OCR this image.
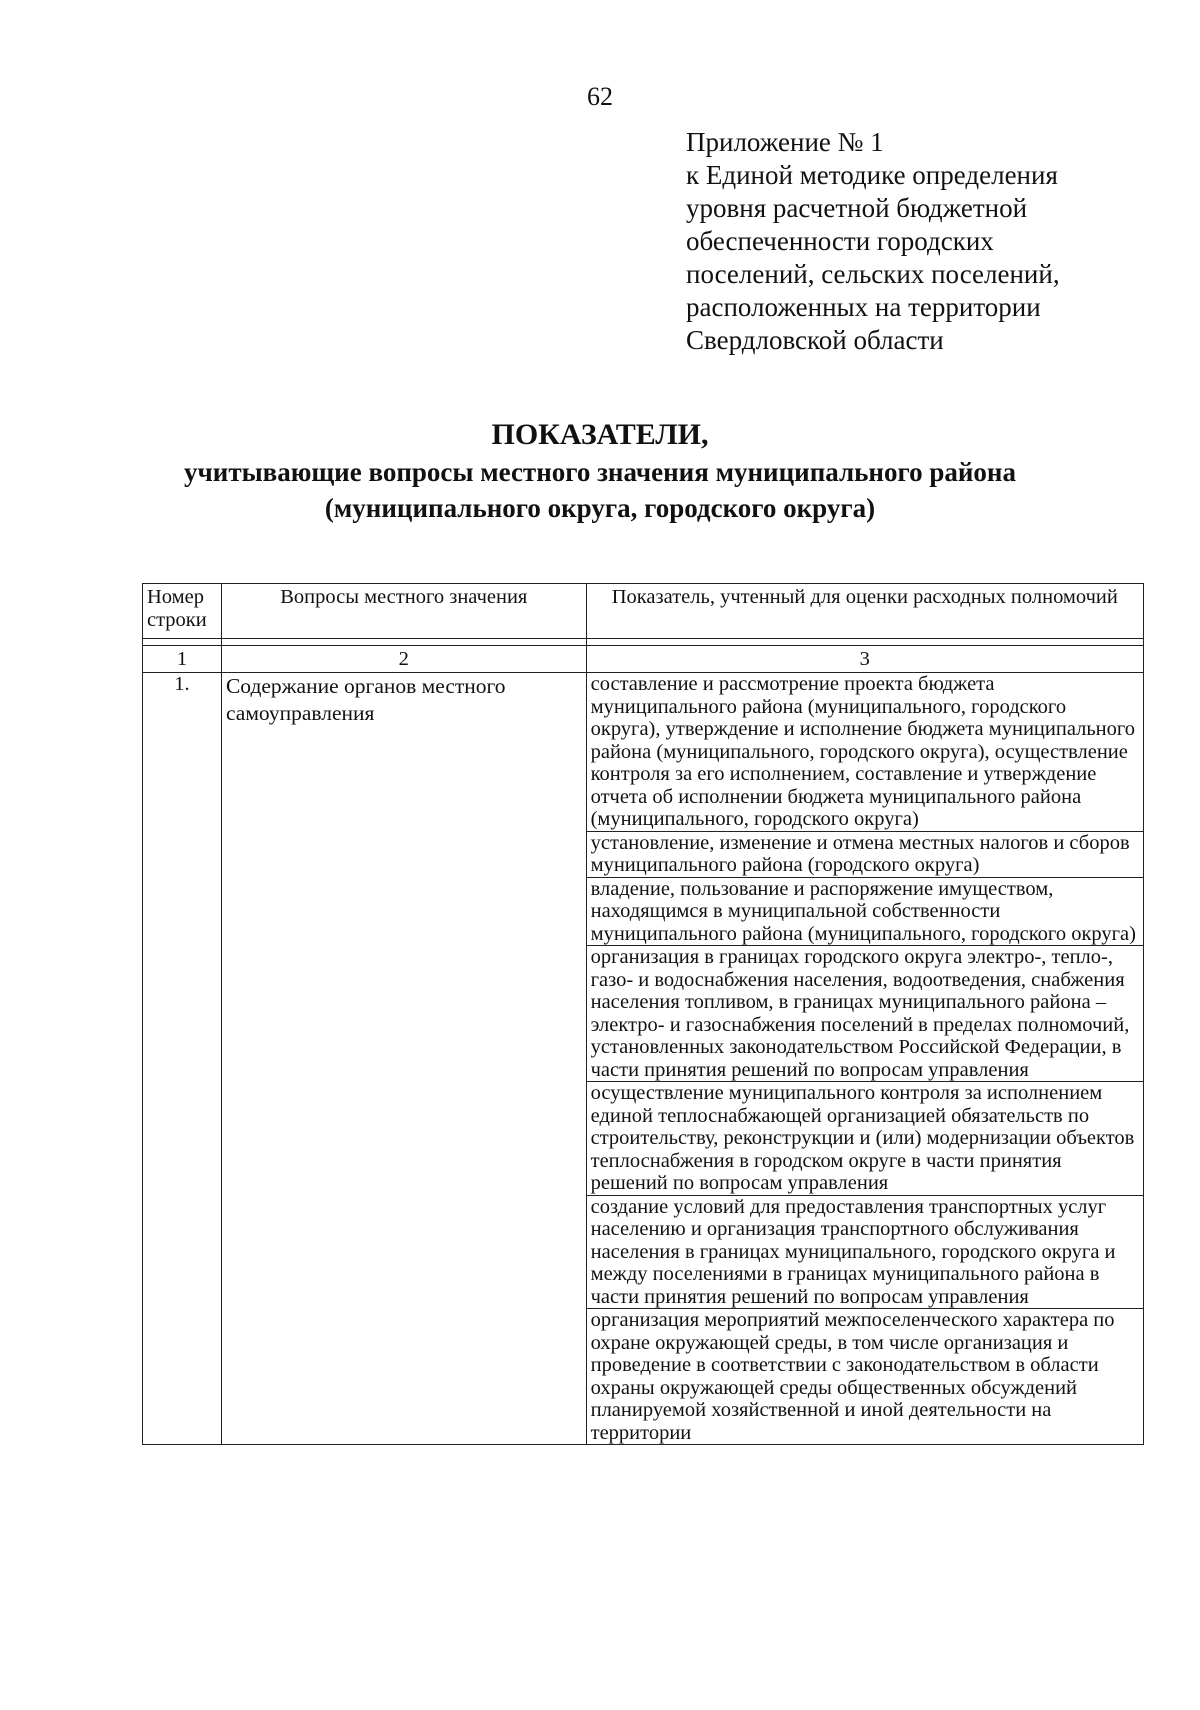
62
Приложение № 1
к Единой методике определения
уровня расчетной бюджетной
обеспеченности городских
поселений, сельских поселений,
расположенных на территории
Свердловской области
ПОКАЗАТЕЛИ,
учитывающие вопросы местного значения муниципального района
(муниципального округа, городского округа)
Номер строки	Вопросы местного значения	Показатель, учтенный для оценки расходных полномочий

1	2	3
1.	Содержание органов местного самоуправления	составление и рассмотрение проекта бюджета муниципального района (муниципального, городского округа), утверждение и исполнение бюджета муниципального района (муниципального, городского округа), осуществление контроля за его исполнением, составление и утверждение отчета об исполнении бюджета муниципального района (муниципального, городского округа)
		установление, изменение и отмена местных налогов и сборов муниципального района (городского округа)
		владение, пользование и распоряжение имуществом, находящимся в муниципальной собственности муниципального района (муниципального, городского округа)
		организация в границах городского округа электро-, тепло-, газо- и водоснабжения населения, водоотведения, снабжения населения топливом, в границах муниципального района – электро- и газоснабжения поселений в пределах полномочий, установленных законодательством Российской Федерации, в части принятия решений по вопросам управления
		осуществление муниципального контроля за исполнением единой теплоснабжающей организацией обязательств по строительству, реконструкции и (или) модернизации объектов теплоснабжения в городском округе в части принятия решений по вопросам управления
		создание условий для предоставления транспортных услуг населению и организация транспортного обслуживания населения в границах муниципального, городского округа и между поселениями в границах муниципального района в части принятия решений по вопросам управления
		организация мероприятий межпоселенческого характера по охране окружающей среды, в том числе организация и проведение в соответствии с законодательством в области охраны окружающей среды общественных обсуждений планируемой хозяйственной и иной деятельности на территории
